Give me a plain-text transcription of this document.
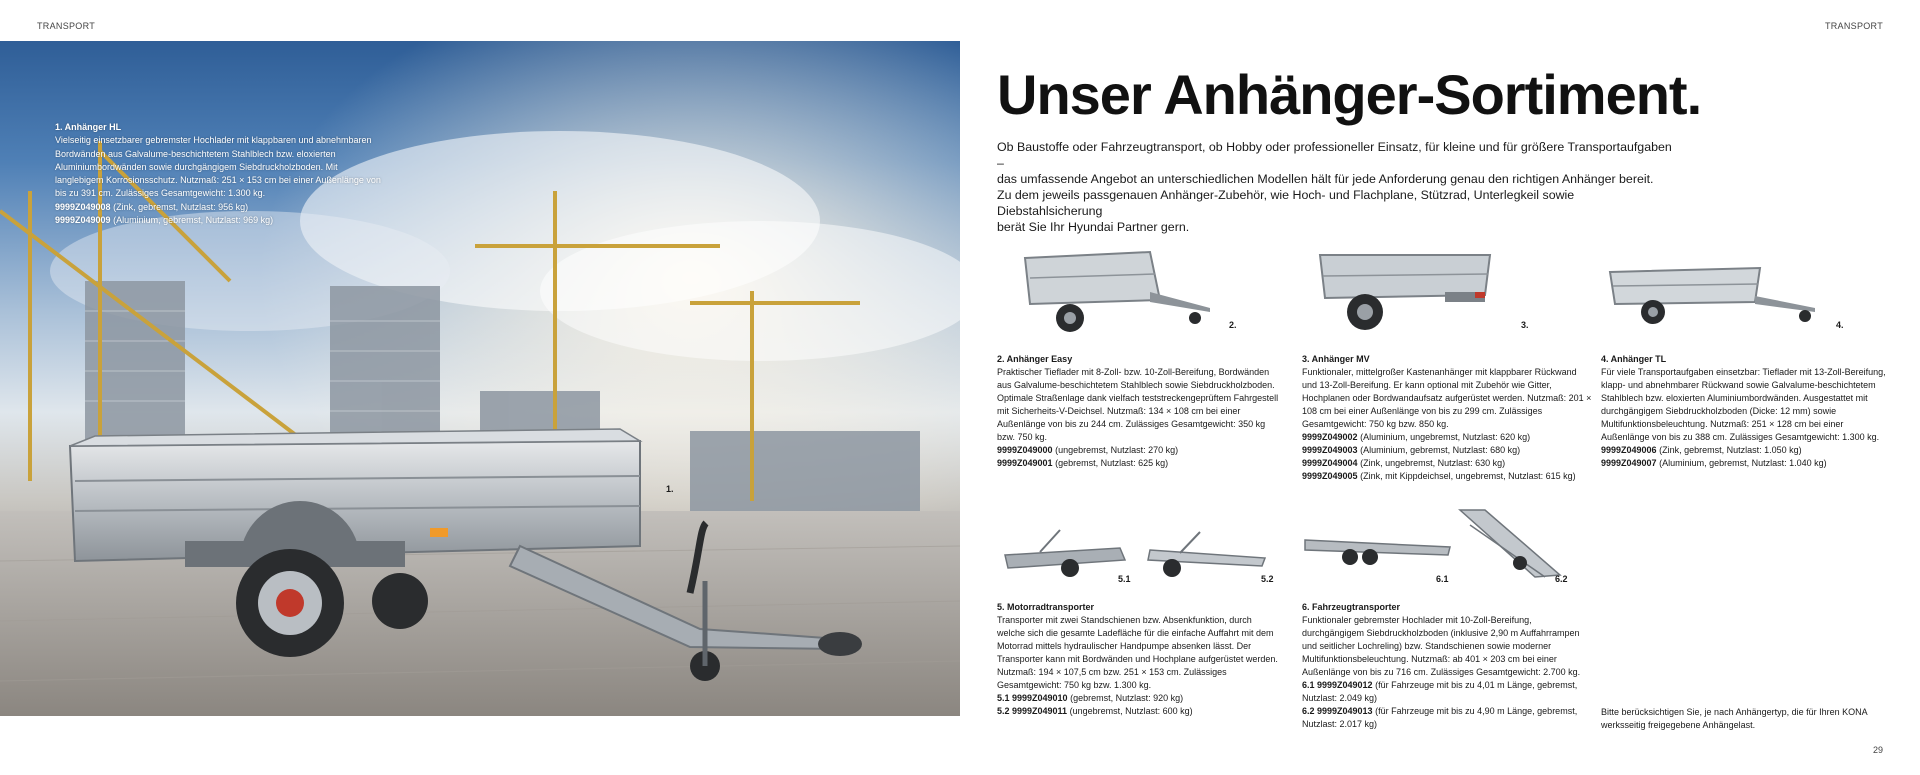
TRANSPORT	TRANSPORT
1. Anhänger HL
Vielseitig einsetzbarer gebremster Hochlader mit klappbaren und abnehmbaren Bordwänden aus Galvalume-beschichtetem Stahlblech bzw. eloxierten Aluminiumbordwänden sowie durchgängigem Siebdruckholzboden. Mit langlebigem Korrosionsschutz. Nutzmaß: 251 × 153 cm bei einer Außenlänge von bis zu 391 cm. Zulässiges Gesamtgewicht: 1.300 kg.
9999Z049008 (Zink, gebremst, Nutzlast: 956 kg)
9999Z049009 (Aluminium, gebremst, Nutzlast: 969 kg)
1.
Unser Anhänger-Sortiment.

Ob Baustoffe oder Fahrzeugtransport, ob Hobby oder professioneller Einsatz, für kleine und für größere Transportaufgaben –

das umfassende Angebot an unterschiedlichen Modellen hält für jede Anforderung genau den richtigen Anhänger bereit.

Zu dem jeweils passgenauen Anhänger-Zubehör, wie Hoch- und Flachplane, Stützrad, Unterlegkeil sowie Diebstahlsicherung

berät Sie Ihr Hyundai Partner gern.

2.	3.	4.
2. Anhänger Easy
Praktischer Tieflader mit 8-Zoll- bzw. 10-Zoll-Bereifung, Bordwänden aus Galvalume-beschichtetem Stahlblech sowie Siebdruckholzboden. Optimale Straßenlage dank vielfach teststreckengeprüftem Fahrgestell mit Sicherheits-V-Deichsel. Nutzmaß: 134 × 108 cm bei einer Außenlänge von bis zu 244 cm. Zulässiges Gesamtgewicht: 350 kg bzw. 750 kg.
9999Z049000 (ungebremst, Nutzlast: 270 kg)
9999Z049001 (gebremst, Nutzlast: 625 kg)
3. Anhänger MV
Funktionaler, mittelgroßer Kastenanhänger mit klappbarer Rückwand und 13-Zoll-Bereifung. Er kann optional mit Zubehör wie Gitter, Hochplanen oder Bordwandaufsatz aufgerüstet werden. Nutzmaß: 201 × 108 cm bei einer Außenlänge von bis zu 299 cm. Zulässiges Gesamtgewicht: 750 kg bzw. 850 kg.
9999Z049002 (Aluminium, ungebremst, Nutzlast: 620 kg)
9999Z049003 (Aluminium, gebremst, Nutzlast: 680 kg)
9999Z049004 (Zink, ungebremst, Nutzlast: 630 kg)
9999Z049005 (Zink, mit Kippdeichsel, ungebremst, Nutzlast: 615 kg)
4. Anhänger TL
Für viele Transportaufgaben einsetzbar: Tieflader mit 13-Zoll-Bereifung, klapp- und abnehmbarer Rückwand sowie Galvalume-beschichtetem Stahlblech bzw. eloxierten Aluminiumbordwänden. Ausgestattet mit durchgängigem Siebdruckholzboden (Dicke: 12 mm) sowie Multifunktionsbeleuchtung. Nutzmaß: 251 × 128 cm bei einer Außenlänge von bis zu 388 cm. Zulässiges Gesamtgewicht: 1.300 kg.
9999Z049006 (Zink, gebremst, Nutzlast: 1.050 kg)
9999Z049007 (Aluminium, gebremst, Nutzlast: 1.040 kg)
5.1	5.2	6.1	6.2
5. Motorradtransporter
Transporter mit zwei Standschienen bzw. Absenkfunktion, durch welche sich die gesamte Ladefläche für die einfache Auffahrt mit dem Motorrad mittels hydraulischer Handpumpe absenken lässt. Der Transporter kann mit Bordwänden und Hochplane aufgerüstet werden. Nutzmaß: 194 × 107,5 cm bzw. 251 × 153 cm. Zulässiges Gesamtgewicht: 750 kg bzw. 1.300 kg.
5.1 9999Z049010 (gebremst, Nutzlast: 920 kg)
5.2 9999Z049011 (ungebremst, Nutzlast: 600 kg)
6. Fahrzeugtransporter
Funktionaler gebremster Hochlader mit 10-Zoll-Bereifung, durchgängigem Siebdruckholzboden (inklusive 2,90 m Auffahrrampen und seitlicher Lochreling) bzw. Standschienen sowie moderner Multifunktionsbeleuchtung. Nutzmaß: ab 401 × 203 cm bei einer Außenlänge von bis zu 716 cm. Zulässiges Gesamtgewicht: 2.700 kg.
6.1 9999Z049012 (für Fahrzeuge mit bis zu 4,01 m Länge, gebremst, Nutzlast: 2.049 kg)
6.2 9999Z049013 (für Fahrzeuge mit bis zu 4,90 m Länge, gebremst, Nutzlast: 2.017 kg)
Bitte berücksichtigen Sie, je nach Anhängertyp, die für Ihren KONA werksseitig freigegebene Anhängelast.
29
